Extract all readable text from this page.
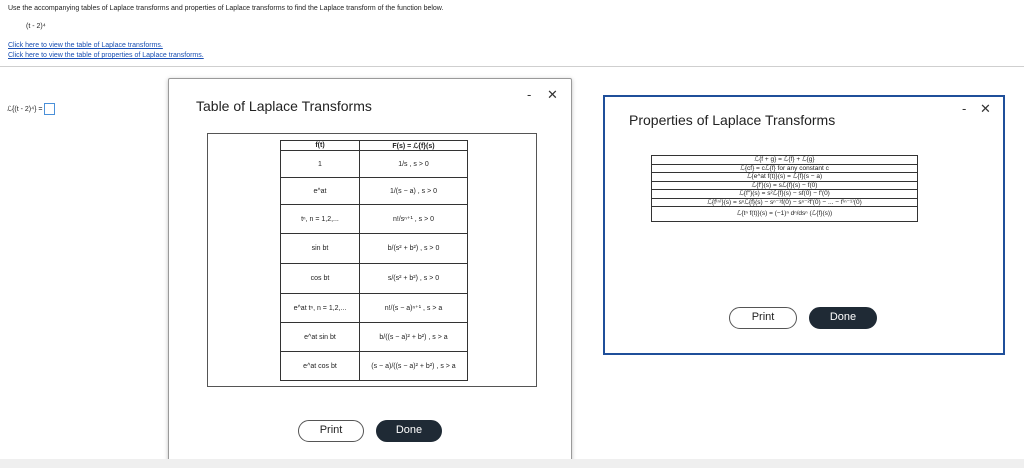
Use the accompanying tables of Laplace transforms and properties of Laplace transforms to find the Laplace transform of the function below.
(t - 2)⁴
Click here to view the table of Laplace transforms.
Click here to view the table of properties of Laplace transforms.
ℒ{(t - 2)⁴} =	Table of Laplace Transforms
- ✕
f(t)	F(s) = ℒ{f}(s)
1	1/s , s > 0
e^at	1/(s − a) , s > 0
tⁿ, n = 1,2,...	n!/sⁿ⁺¹ , s > 0
sin bt	b/(s² + b²) , s > 0
cos bt	s/(s² + b²) , s > 0
e^at tⁿ, n = 1,2,...	n!/(s − a)ⁿ⁺¹ , s > a
e^at sin bt	b/((s − a)² + b²) , s > a
e^at cos bt	(s − a)/((s − a)² + b²) , s > a
Print	Done
Properties of Laplace Transforms
- ✕
ℒ{f + g} = ℒ{f} + ℒ{g}
ℒ{cf} = cℒ{f} for any constant c
ℒ{e^at f(t)}(s) = ℒ{f}(s − a)
ℒ{f′}(s) = sℒ{f}(s) − f(0)
ℒ{f″}(s) = s²ℒ{f}(s) − sf(0) − f′(0)
ℒ{f⁽ⁿ⁾}(s) = sⁿℒ{f}(s) − sⁿ⁻¹f(0) − sⁿ⁻²f′(0) − ... − f⁽ⁿ⁻¹⁾(0)
ℒ{tⁿ f(t)}(s) = (−1)ⁿ dⁿ/dsⁿ (ℒ{f}(s))
Print	Done
